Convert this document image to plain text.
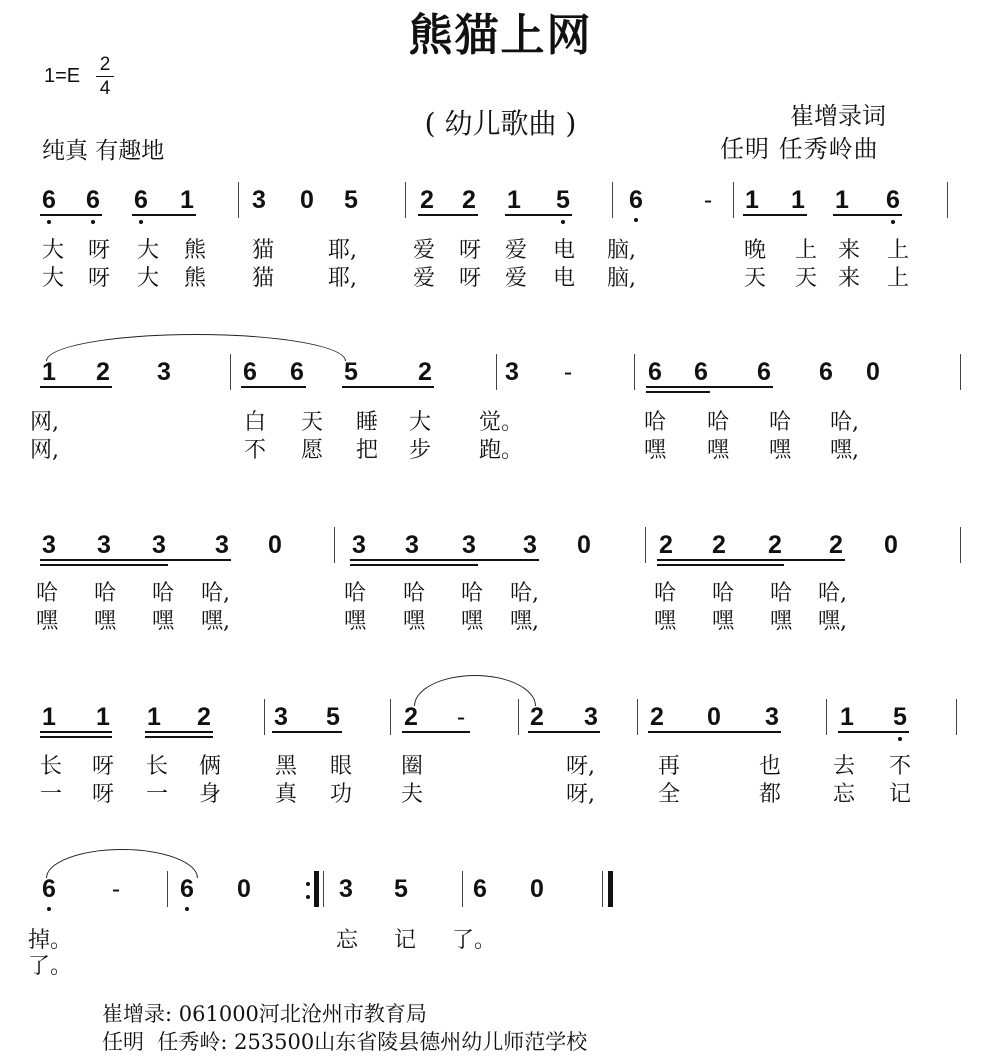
熊猫上网
1=E
2
4
( 幼儿歌曲 )
纯真 有趣地
崔增录词
任明 任秀岭曲
6 6 6 1 3 0 5 2 2 1 5 6 - 1 1 1 6
大 呀 大 熊 猫 耶,	爱 呀 爱 电 脑,	晚 上 来 上
大 呀 大 熊 猫 耶,	爱 呀 爱 电 脑,	天 天 来 上
1 2 3	6 6 5 2	3 -	6 6 6 6 0
网,	白 天 睡 大 觉。	哈 哈 哈 哈,
网,	不 愿 把 步 跑。	嘿 嘿 嘿 嘿,
3 3 3 3 0	3 3 3 3 0	2 2 2 2 0
哈 哈 哈 哈,	哈 哈 哈 哈,	哈 哈 哈 哈,
嘿 嘿 嘿 嘿,	嘿 嘿 嘿 嘿,	嘿 嘿 嘿 嘿,
1 1 1 2	3 5	2 -	2 3 2 0 3 1 5
长 呀 长 俩 黑 眼 圈	呀,	再	也 去 不
一 呀 一 身 真 功 夫	呀,	全	都 忘 记
6 - 6 0	3 5	6 0
掉。	忘 记 了。
了。
崔增录: 061000河北沧州市教育局
任明  任秀岭: 253500山东省陵县德州幼儿师范学校
